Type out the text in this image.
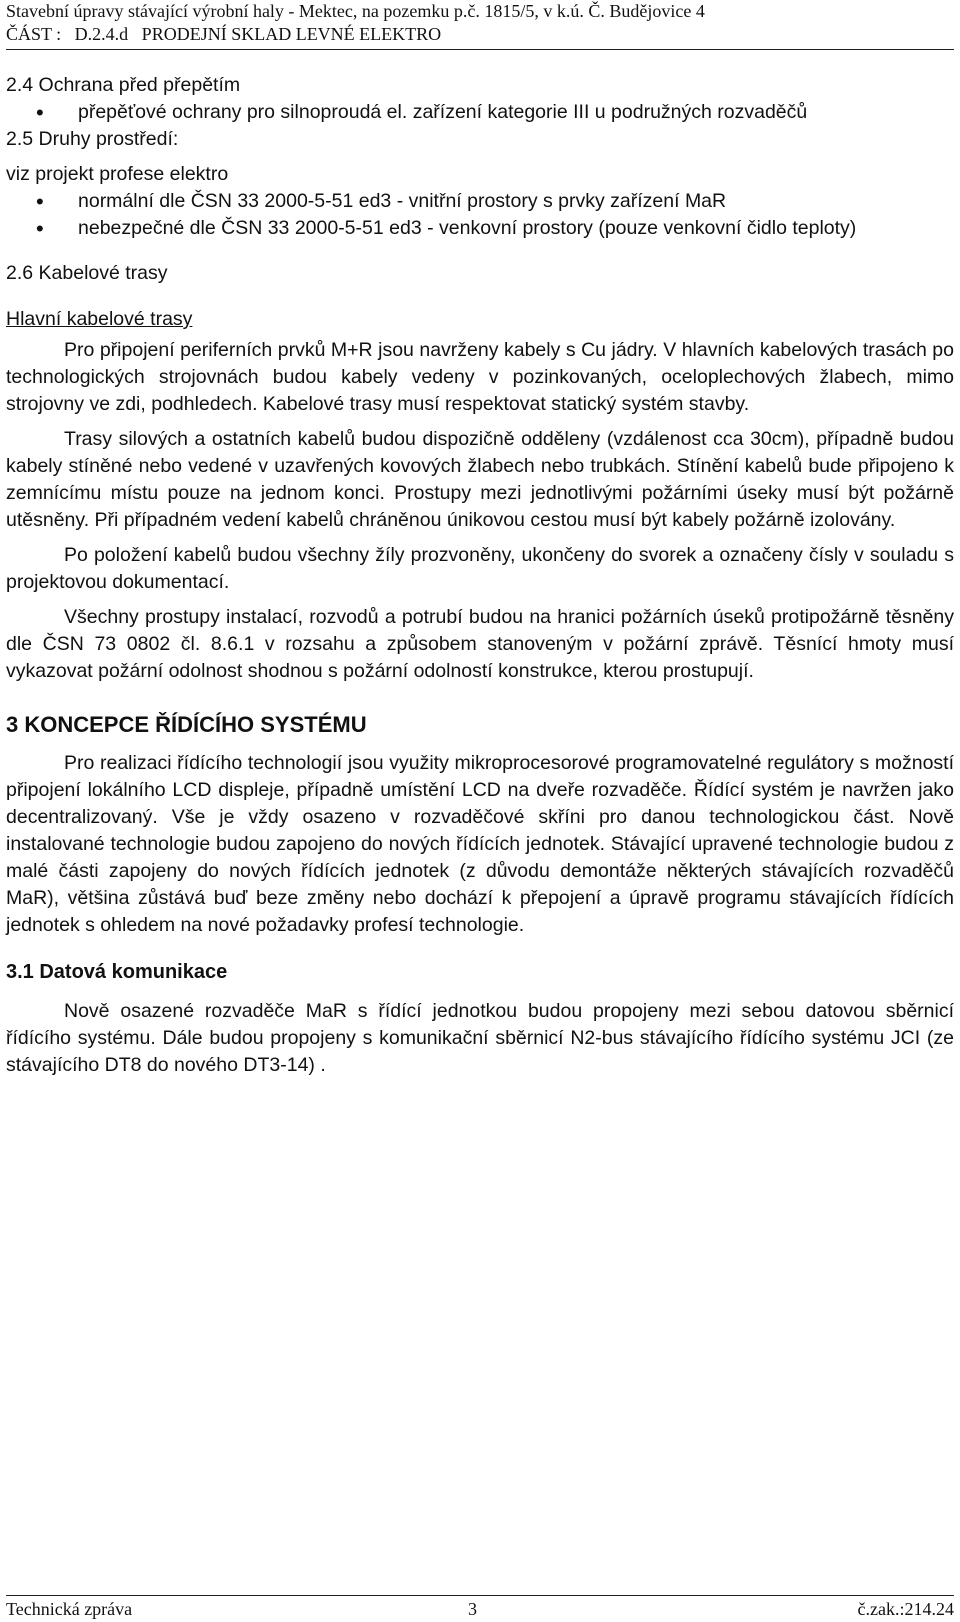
Stavební úpravy stávající výrobní haly - Mektec, na pozemku p.č. 1815/5, v k.ú. Č. Budějovice 4
ČÁST :   D.2.4.d   PRODEJNÍ SKLAD LEVNÉ ELEKTRO
2.4 Ochrana před přepětím
• přepěťové ochrany pro silnoproudá el. zařízení kategorie III u podružných rozvaděčů
2.5 Druhy prostředí:

viz projekt profese elektro

• normální dle ČSN 33 2000-5-51 ed3 - vnitřní prostory s prvky zařízení MaR
• nebezpečné dle ČSN 33 2000-5-51 ed3 - venkovní prostory (pouze venkovní čidlo teploty)
2.6 Kabelové trasy

Hlavní kabelové trasy

Pro připojení periferních prvků M+R jsou navrženy kabely s Cu jádry. V hlavních kabelových trasách po technologických strojovnách budou kabely vedeny v pozinkovaných, oceloplechových žlabech, mimo strojovny ve zdi, podhledech. Kabelové trasy musí respektovat statický systém stavby.

Trasy silových a ostatních kabelů budou dispozičně odděleny (vzdálenost cca 30cm), případně budou kabely stíněné nebo vedené v uzavřených kovových žlabech nebo trubkách. Stínění kabelů bude připojeno k zemnícímu místu pouze na jednom konci. Prostupy mezi jednotlivými požárními úseky musí být požárně utěsněny. Při případném vedení kabelů chráněnou únikovou cestou musí být kabely požárně izolovány.

Po položení kabelů budou všechny žíly prozvoněny, ukončeny do svorek a označeny čísly v souladu s projektovou dokumentací.

Všechny prostupy instalací, rozvodů a potrubí budou na hranici požárních úseků protipožárně těsněny dle ČSN 73 0802 čl. 8.6.1 v rozsahu a způsobem stanoveným v požární zprávě. Těsnící hmoty musí vykazovat požární odolnost shodnou s požární odolností konstrukce, kterou prostupují.

3 KONCEPCE ŘÍDÍCÍHO SYSTÉMU

Pro realizaci řídícího technologií jsou využity mikroprocesorové programovatelné regulátory s možností připojení lokálního LCD displeje, případně umístění LCD na dveře rozvaděče. Řídící systém je navržen jako decentralizovaný. Vše je vždy osazeno v rozvaděčové skříni pro danou technologickou část. Nově instalované technologie budou zapojeno do nových řídících jednotek. Stávající upravené technologie budou z malé části zapojeny do nových řídících jednotek (z důvodu demontáže některých stávajících rozvaděčů MaR), většina zůstává buď beze změny nebo dochází k přepojení a úpravě programu stávajících řídících jednotek s ohledem na nové požadavky profesí technologie.

3.1 Datová komunikace

Nově osazené rozvaděče MaR s řídící jednotkou budou propojeny mezi sebou datovou sběrnicí řídícího systému. Dále budou propojeny s komunikační sběrnicí N2-bus stávajícího řídícího systému JCI (ze stávajícího DT8 do nového DT3-14) .

Technická zpráva	3	č.zak.:214.24
